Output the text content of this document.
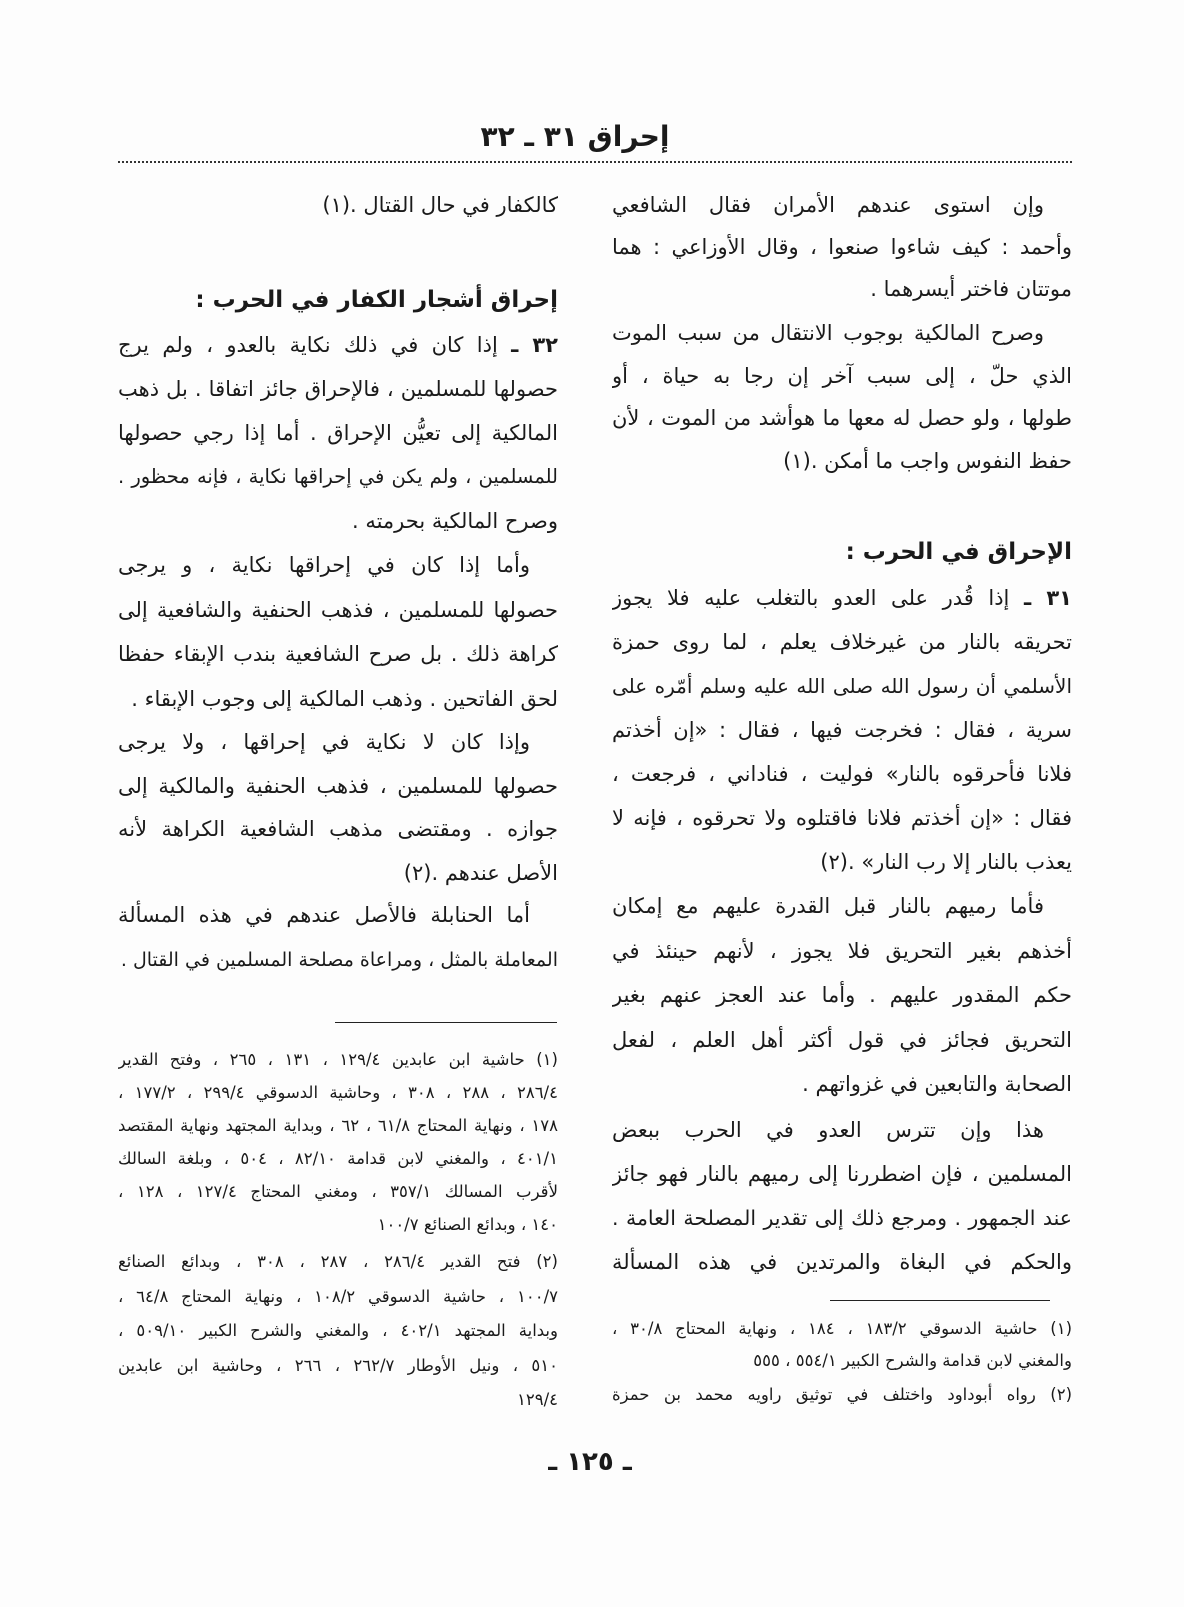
إحراق ٣١ ـ ٣٢
وإن استوى عندهم الأمران فقال الشافعي
وأحمد : كيف شاءوا صنعوا ، وقال الأوزاعي : هما
موتتان فاختر أيسرهما .
وصرح المالكية بوجوب الانتقال من سبب الموت
الذي حلّ ، إلى سبب آخر إن رجا به حياة ، أو
طولها ، ولو حصل له معها ما هوأشد من الموت ، لأن
حفظ النفوس واجب ما أمكن .(١)
الإحراق في الحرب :
٣١ ـ إذا قُدر على العدو بالتغلب عليه فلا يجوز
تحريقه بالنار من غيرخلاف يعلم ، لما روى حمزة
الأسلمي أن رسول الله صلى الله عليه وسلم أمّره على
سرية ، فقال : فخرجت فيها ، فقال : «إن أخذتم
فلانا فأحرقوه بالنار» فوليت ، فناداني ، فرجعت ،
فقال : «إن أخذتم فلانا فاقتلوه ولا تحرقوه ، فإنه لا
يعذب بالنار إلا رب النار» .(٢)
فأما رميهم بالنار قبل القدرة عليهم مع إمكان
أخذهم بغير التحريق فلا يجوز ، لأنهم حينئذ في
حكم المقدور عليهم . وأما عند العجز عنهم بغير
التحريق فجائز في قول أكثر أهل العلم ، لفعل
الصحابة والتابعين في غزواتهم .
هذا وإن تترس العدو في الحرب ببعض
المسلمين ، فإن اضطررنا إلى رميهم بالنار فهو جائز
عند الجمهور . ومرجع ذلك إلى تقدير المصلحة العامة .
والحكم في البغاة والمرتدين في هذه المسألة
(١) حاشية الدسوقي ١٨٣/٢ ، ١٨٤ ، ونهاية المحتاج ٣٠/٨ ،
والمغني لابن قدامة والشرح الكبير ٥٥٤/١ ، ٥٥٥
(٢) رواه أبوداود واختلف في توثيق راويه محمد بن حمزة
كالكفار في حال القتال .(١)
إحراق أشجار الكفار في الحرب :
٣٢ ـ إذا كان في ذلك نكاية بالعدو ، ولم يرج
حصولها للمسلمين ، فالإحراق جائز اتفاقا . بل ذهب
المالكية إلى تعيُّن الإحراق . أما إذا رجي حصولها
للمسلمين ، ولم يكن في إحراقها نكاية ، فإنه محظور .
وصرح المالكية بحرمته .
وأما إذا كان في إحراقها نكاية ، و يرجى
حصولها للمسلمين ، فذهب الحنفية والشافعية إلى
كراهة ذلك . بل صرح الشافعية بندب الإبقاء حفظا
لحق الفاتحين . وذهب المالكية إلى وجوب الإبقاء .
وإذا كان لا نكاية في إحراقها ، ولا يرجى
حصولها للمسلمين ، فذهب الحنفية والمالكية إلى
جوازه . ومقتضى مذهب الشافعية الكراهة لأنه
الأصل عندهم .(٢)
أما الحنابلة فالأصل عندهم في هذه المسألة
المعاملة بالمثل ، ومراعاة مصلحة المسلمين في القتال .
(١) حاشية ابن عابدين ١٢٩/٤ ، ١٣١ ، ٢٦٥ ، وفتح القدير
٢٨٦/٤ ، ٢٨٨ ، ٣٠٨ ، وحاشية الدسوقي ٢٩٩/٤ ، ١٧٧/٢ ،
١٧٨ ، ونهاية المحتاج ٦١/٨ ، ٦٢ ، وبداية المجتهد ونهاية المقتصد
٤٠١/١ ، والمغني لابن قدامة ٨٢/١٠ ، ٥٠٤ ، وبلغة السالك
لأقرب المسالك ٣٥٧/١ ، ومغني المحتاج ١٢٧/٤ ، ١٢٨ ،
١٤٠ ، وبدائع الصنائع ١٠٠/٧
(٢) فتح القدير ٢٨٦/٤ ، ٢٨٧ ، ٣٠٨ ، وبدائع الصنائع
١٠٠/٧ ، حاشية الدسوقي ١٠٨/٢ ، ونهاية المحتاج ٦٤/٨ ،
وبداية المجتهد ٤٠٢/١ ، والمغني والشرح الكبير ٥٠٩/١٠ ،
٥١٠ ، ونيل الأوطار ٢٦٢/٧ ، ٢٦٦ ، وحاشية ابن عابدين
١٢٩/٤
ـ ١٢٥ ـ
